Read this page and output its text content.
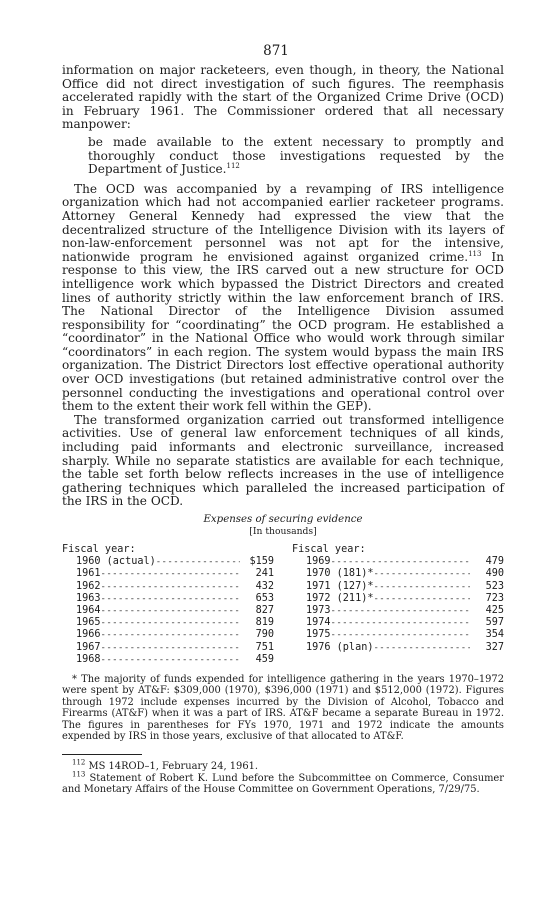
871

information on major racketeers, even though, in theory, the National Office did not direct investigation of such figures. The reemphasis accelerated rapidly with the start of the Organized Crime Drive (OCD) in February 1961. The Commissioner ordered that all necessary manpower:

be made available to the extent necessary to promptly and thoroughly conduct those investigations requested by the Department of Justice.$^{112}$

The OCD was accompanied by a revamping of IRS intelligence organization which had not accompanied earlier racketeer programs. Attorney General Kennedy had expressed the view that the decentralized structure of the Intelligence Division with its layers of non-law-enforcement personnel was not apt for the intensive, nationwide program he envisioned against organized crime.$^{113}$ In response to this view, the IRS carved out a new structure for OCD intelligence work which bypassed the District Directors and created lines of authority strictly within the law enforcement branch of IRS. The National Director of the Intelligence Division assumed responsibility for “coordinating” the OCD program. He established a “coordinator” in the National Office who would work through similar “coordinators” in each region. The system would bypass the main IRS organization. The District Directors lost effective operational authority over OCD investigations (but retained administrative control over the personnel conducting the investigations and operational control over them to the extent their work fell within the GEP).

The transformed organization carried out transformed intelligence activities. Use of general law enforcement techniques of all kinds, including paid informants and electronic surveillance, increased sharply. While no separate statistics are available for each technique, the table set forth below reflects increases in the use of intelligence gathering techniques which paralleled the increased participation of the IRS in the OCD.

Expenses of securing evidence
[In thousands]
Fiscal year:
1960 (actual) -----	$159
1961 -----	241
1962 -----	432
1963 -----	653
1964 -----	827
1965 -----	819
1966 -----	790
1967 -----	751
1968 -----	459
Fiscal year:
1969 -----	479
1970 (181)* -----	490
1971 (127)* -----	523
1972 (211)* -----	723
1973 -----	425
1974 -----	597
1975 -----	354
1976 (plan) -----	327

* The majority of funds expended for intelligence gathering in the years 1970–1972 were spent by AT&F: $309,000 (1970), $396,000 (1971) and $512,000 (1972). Figures through 1972 include expenses incurred by the Division of Alcohol, Tobacco and Firearms (AT&F) when it was a part of IRS. AT&F became a separate Bureau in 1972. The figures in parentheses for FYs 1970, 1971 and 1972 indicate the amounts expended by IRS in those years, exclusive of that allocated to AT&F.

$^{112}$ MS 14ROD–1, February 24, 1961.

$^{113}$ Statement of Robert K. Lund before the Subcommittee on Commerce, Consumer and Monetary Affairs of the House Committee on Government Operations, 7/29/75.
